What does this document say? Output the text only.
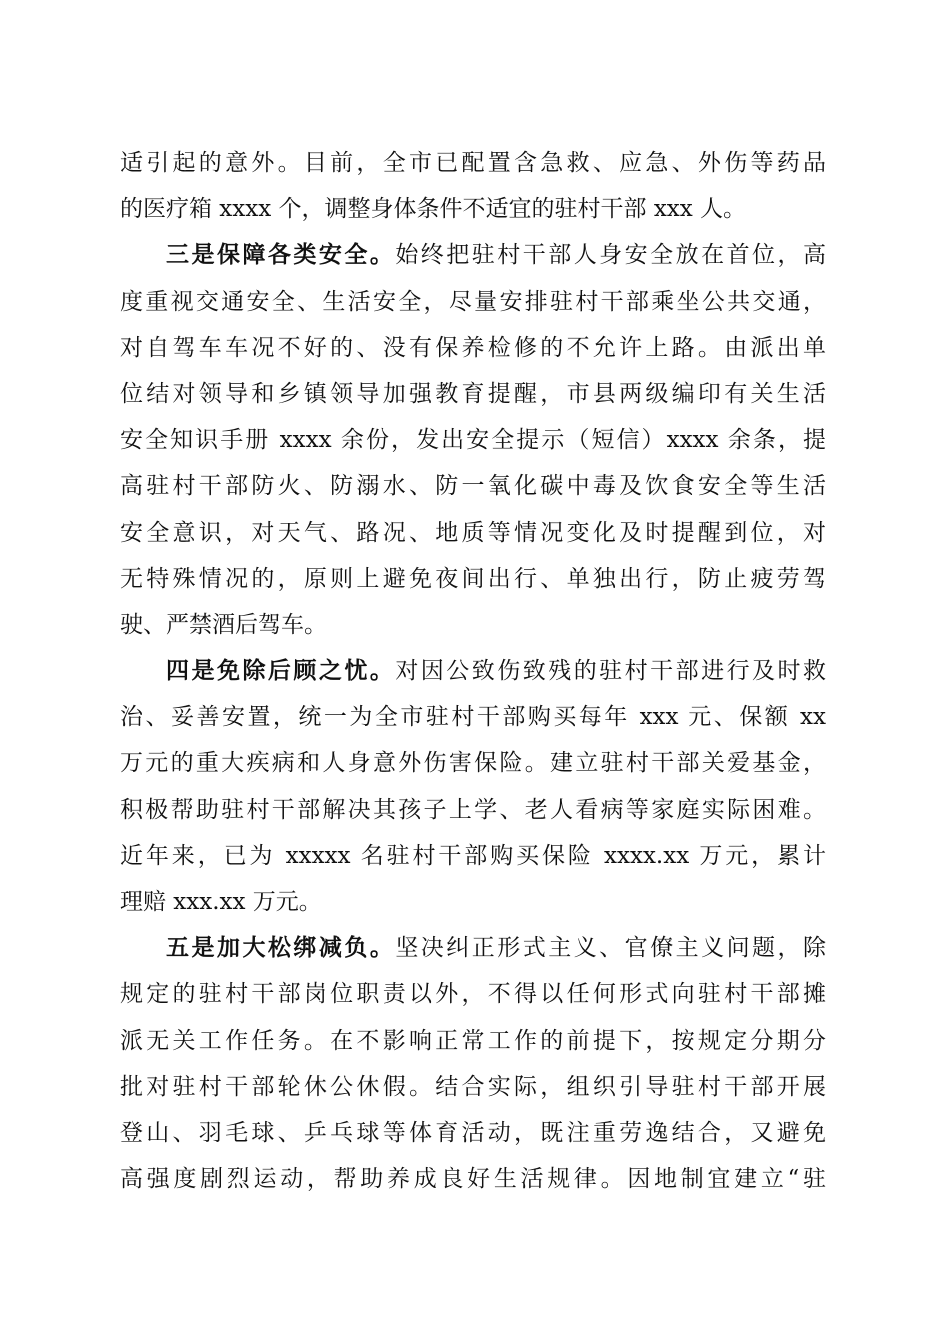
适引起的意外。目前，全市已配置含急救、应急、外伤等药品
的医疗箱 xxxx 个，调整身体条件不适宜的驻村干部 xxx 人。
三是保障各类安全。始终把驻村干部人身安全放在首位，高
度重视交通安全、生活安全，尽量安排驻村干部乘坐公共交通，
对自驾车车况不好的、没有保养检修的不允许上路。由派出单
位结对领导和乡镇领导加强教育提醒，市县两级编印有关生活
安全知识手册 xxxx 余份，发出安全提示（短信）xxxx 余条，提
高驻村干部防火、防溺水、防一氧化碳中毒及饮食安全等生活
安全意识，对天气、路况、地质等情况变化及时提醒到位，对
无特殊情况的，原则上避免夜间出行、单独出行，防止疲劳驾
驶、严禁酒后驾车。
四是免除后顾之忧。对因公致伤致残的驻村干部进行及时救
治、妥善安置，统一为全市驻村干部购买每年 xxx 元、保额 xx
万元的重大疾病和人身意外伤害保险。建立驻村干部关爱基金，
积极帮助驻村干部解决其孩子上学、老人看病等家庭实际困难。
近年来，已为 xxxxx 名驻村干部购买保险 xxxx.xx 万元，累计
理赔 xxx.xx 万元。
五是加大松绑减负。坚决纠正形式主义、官僚主义问题，除
规定的驻村干部岗位职责以外，不得以任何形式向驻村干部摊
派无关工作任务。在不影响正常工作的前提下，按规定分期分
批对驻村干部轮休公休假。结合实际，组织引导驻村干部开展
登山、羽毛球、乒乓球等体育活动，既注重劳逸结合，又避免
高强度剧烈运动，帮助养成良好生活规律。因地制宜建立“驻
